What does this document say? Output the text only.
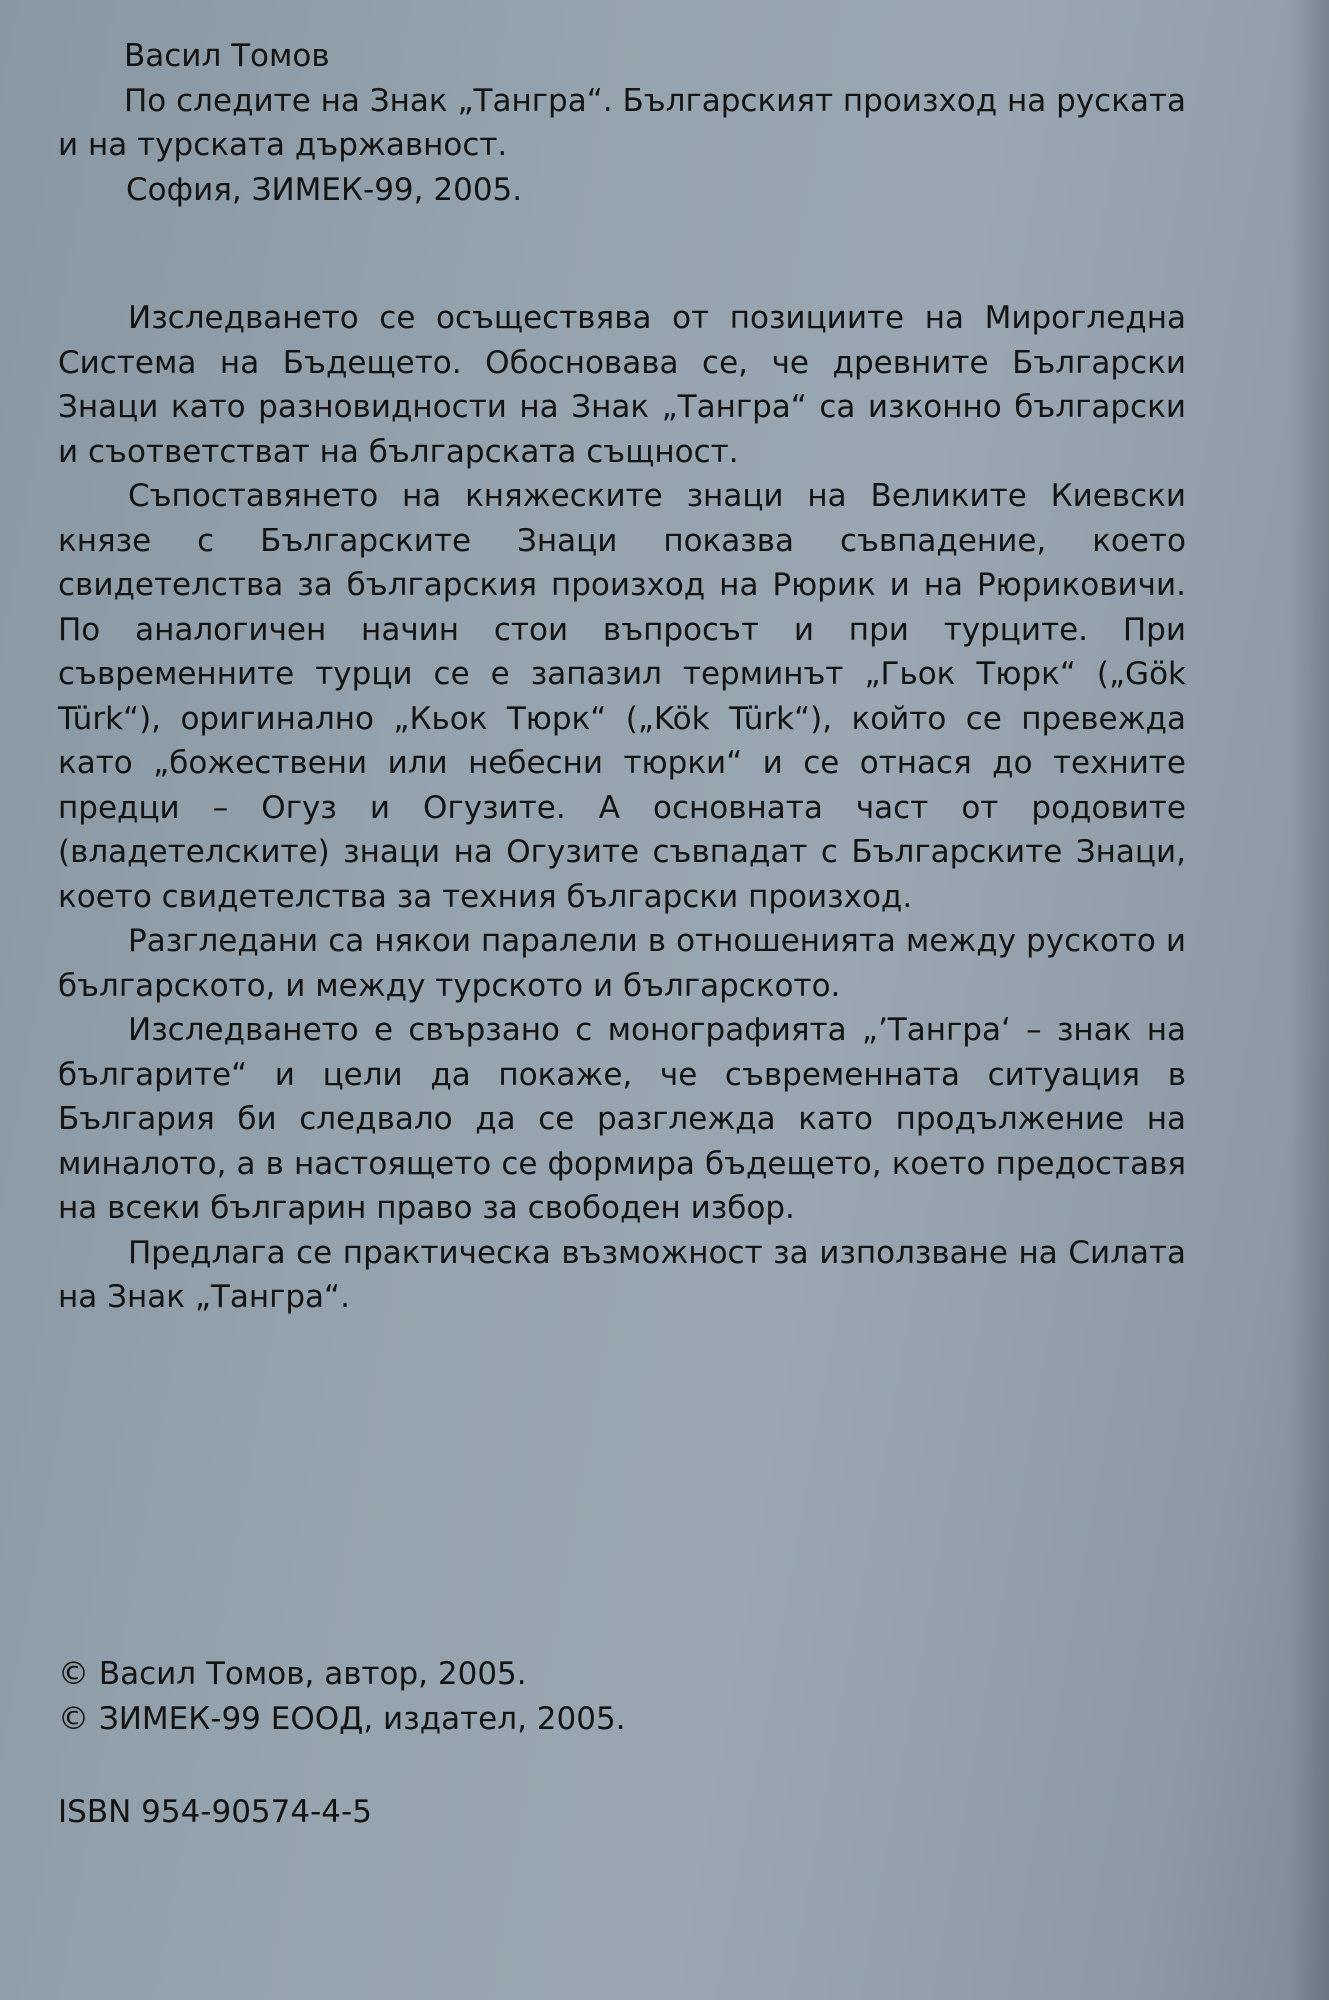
Васил Томов

По следите на Знак „Тангра“. Българският произход на руската и на турската държавност.

София, ЗИМЕК-99, 2005.

Изследването се осъществява от позициите на Мирогледна Система на Бъдещето. Обосновава се, че древните Български Знаци като разновидности на Знак „Тангра“ са изконно български и съответстват на българската същност.

Съпоставянето на княжеските знаци на Великите Киевски князе с Българските Знаци показва съвпадение, което свидетелства за българския произход на Рюрик и на Рюриковичи. По аналогичен начин стои въпросът и при турците. При съвременните турци се е запазил терминът „Гьок Тюрк“ („Gök Türk“), оригинално „Кьок Тюрк“ („Kök Türk“), който се превежда като „божествени или небесни тюрки“ и се отнася до техните предци – Огуз и Огузите. А основната част от родовите (владетелските) знаци на Огузите съвпадат с Българските Знаци, което свидетелства за техния български произход.

Разгледани са някои паралели в отношенията между руското и българското, и между турското и българското.

Изследването е свързано с монографията „’Тангра‘ – знак на българите“ и цели да покаже, че съвременната ситуация в България би следвало да се разглежда като продължение на миналото, а в настоящето се формира бъдещето, което предоставя на всеки българин право за свободен избор.

Предлага се практическа възможност за използване на Силата на Знак „Тангра“.

© Васил Томов, автор, 2005.

© ЗИМЕК-99 ЕООД, издател, 2005.

ISBN 954-90574-4-5
